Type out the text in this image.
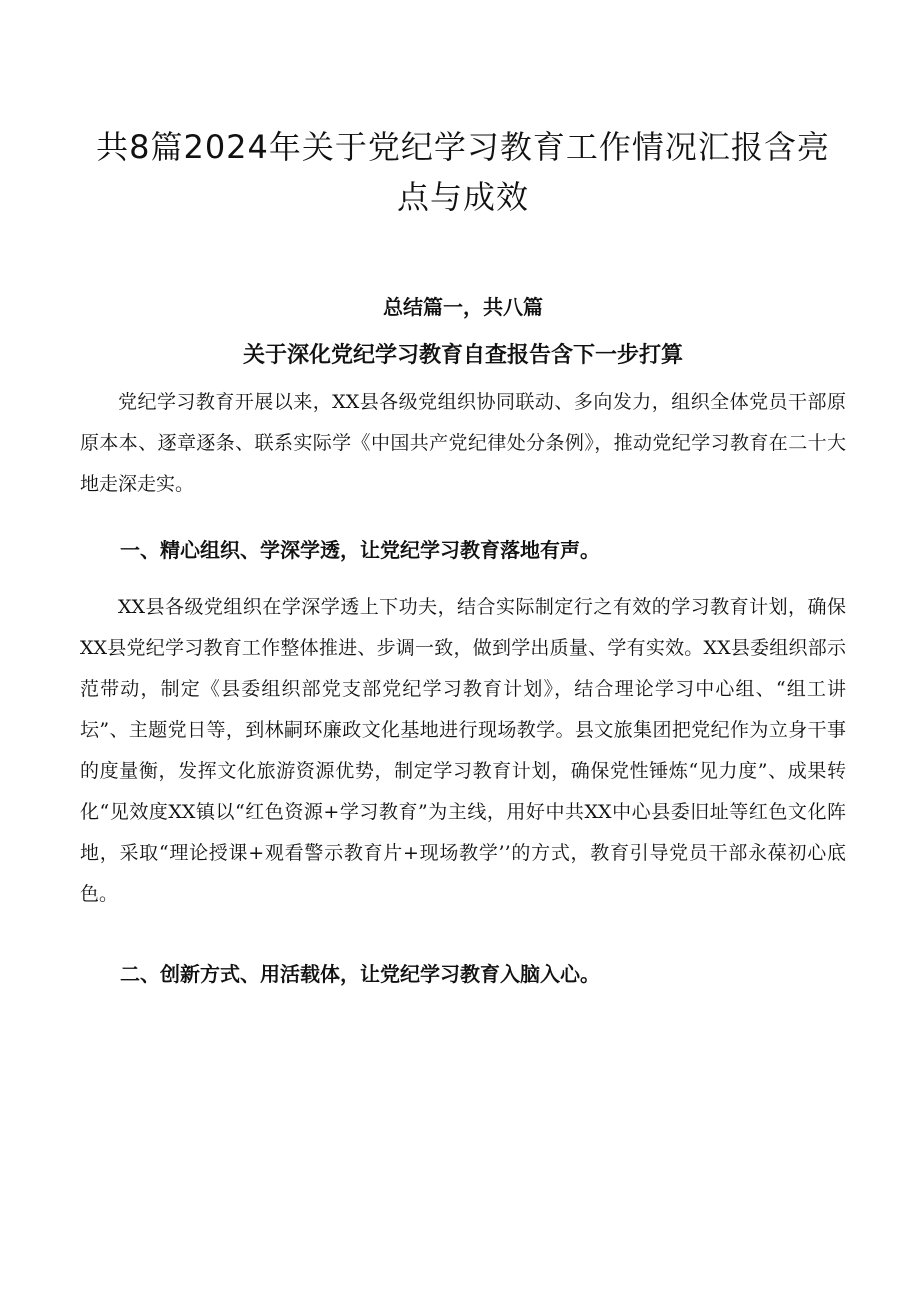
共8篇2024年关于党纪学习教育工作情况汇报含亮点与成效
总结篇一，共八篇
关于深化党纪学习教育自查报告含下一步打算

党纪学习教育开展以来，XX县各级党组织协同联动、多向发力，组织全体党员干部原原本本、逐章逐条、联系实际学《中国共产党纪律处分条例》，推动党纪学习教育在二十大地走深走实。

一、精心组织、学深学透，让党纪学习教育落地有声。

XX县各级党组织在学深学透上下功夫，结合实际制定行之有效的学习教育计划，确保XX县党纪学习教育工作整体推进、步调一致，做到学出质量、学有实效。XX县委组织部示范带动，制定《县委组织部党支部党纪学习教育计划》，结合理论学习中心组、“组工讲坛”、主题党日等，到林嗣环廉政文化基地进行现场教学。县文旅集团把党纪作为立身干事的度量衡，发挥文化旅游资源优势，制定学习教育计划，确保党性锤炼“见力度”、成果转化“见效度XX镇以“红色资源+学习教育”为主线，用好中共XX中心县委旧址等红色文化阵地，采取“理论授课+观看警示教育片+现场教学’’的方式，教育引导党员干部永葆初心底色。

二、创新方式、用活载体，让党纪学习教育入脑入心。
